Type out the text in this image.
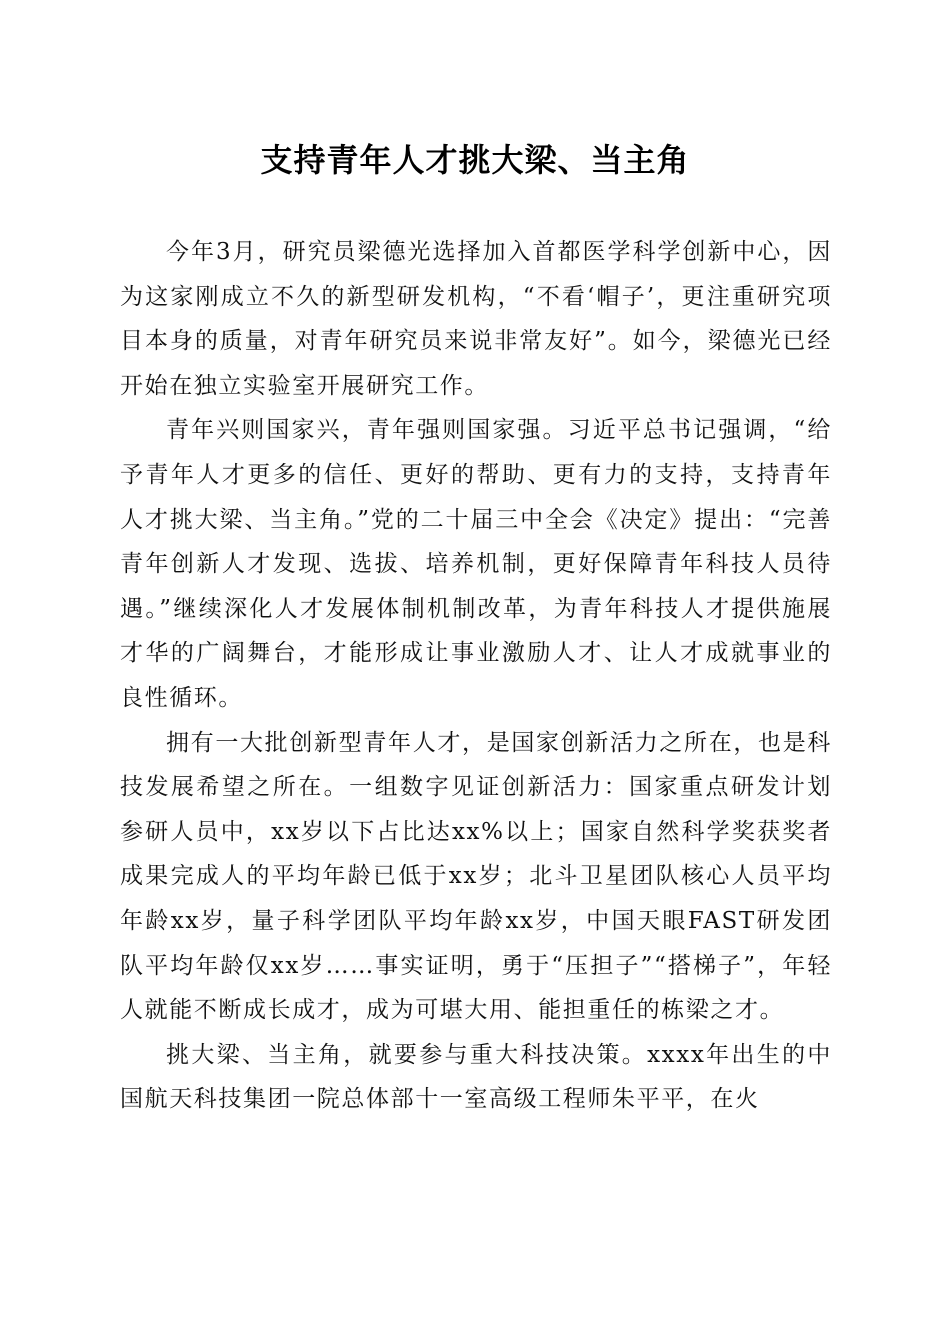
支持青年人才挑大梁、当主角

今年3月，研究员梁德光选择加入首都医学科学创新中心，因为这家刚成立不久的新型研发机构，“不看‘帽子’，更注重研究项目本身的质量，对青年研究员来说非常友好”。如今，梁德光已经开始在独立实验室开展研究工作。

青年兴则国家兴，青年强则国家强。习近平总书记强调，“给予青年人才更多的信任、更好的帮助、更有力的支持，支持青年人才挑大梁、当主角。”党的二十届三中全会《决定》提出：“完善青年创新人才发现、选拔、培养机制，更好保障青年科技人员待遇。”继续深化人才发展体制机制改革，为青年科技人才提供施展才华的广阔舞台，才能形成让事业激励人才、让人才成就事业的良性循环。

拥有一大批创新型青年人才，是国家创新活力之所在，也是科技发展希望之所在。一组数字见证创新活力：国家重点研发计划参研人员中，xx岁以下占比达xx%以上；国家自然科学奖获奖者成果完成人的平均年龄已低于xx岁；北斗卫星团队核心人员平均年龄xx岁，量子科学团队平均年龄xx岁，中国天眼FAST研发团队平均年龄仅xx岁……事实证明，勇于“压担子”“搭梯子”，年轻人就能不断成长成才，成为可堪大用、能担重任的栋梁之才。

挑大梁、当主角，就要参与重大科技决策。xxxx年出生的中国航天科技集团一院总体部十一室高级工程师朱平平，在火
